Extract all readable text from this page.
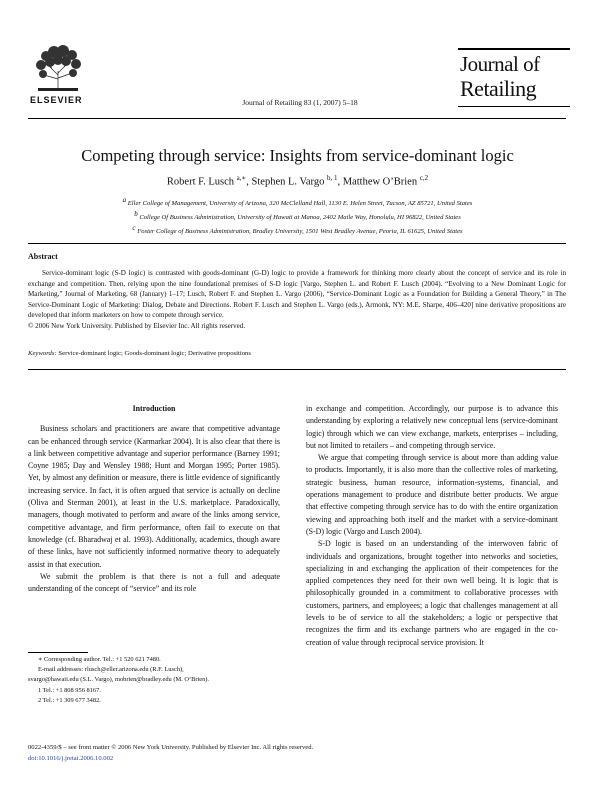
ELSEVIER	Journal of Retailing 83 (1, 2007) 5–18
Journal of
Retailing
Competing through service: Insights from service-dominant logic
Robert F. Lusch $^{a,∗}$, Stephen L. Vargo $^{b, 1}$, Matthew O’Brien $^{c,2}$
$^a$ Eller College of Management, University of Arizona, 320 McClelland Hall, 1130 E. Helen Street, Tucson, AZ 85721, United States
$^b$ College Of Business Administration, University of Hawaii at Manoa, 2402 Maile Way, Honolulu, HI 96822, United States
$^c$ Foster College of Business Administration, Bradley University, 1501 West Bradley Avenue, Peoria, IL 61625, United States
Abstract
Service-dominant logic (S-D logic) is contrasted with goods-dominant (G-D) logic to provide a framework for thinking more clearly about the concept of service and its role in exchange and competition. Then, relying upon the nine foundational premises of S-D logic [Vargo, Stephen L. and Robert F. Lusch (2004). “Evolving to a New Dominant Logic for Marketing,” Journal of Marketing, 68 (January) 1–17; Lusch, Robert F. and Stephen L. Vargo (2006), “Service-Dominant Logic as a Foundation for Building a General Theory,” in The Service-Dominant Logic of Marketing: Dialog, Debate and Directions. Robert F. Lusch and Stephen L. Vargo (eds.), Armonk, NY: M.E. Sharpe, 406–420] nine derivative propositions are developed that inform marketers on how to compete through service.
© 2006 New York University. Published by Elsevier Inc. All rights reserved.
Keywords: Service-dominant logic; Goods-dominant logic; Derivative propositions

Introduction

Business scholars and practitioners are aware that competitive advantage can be enhanced through service (Karmarkar 2004). It is also clear that there is a link between competitive advantage and superior performance (Barney 1991; Coyne 1985; Day and Wensley 1988; Hunt and Morgan 1995; Porter 1985). Yet, by almost any definition or measure, there is little evidence of significantly increasing service. In fact, it is often argued that service is actually on decline (Oliva and Sterman 2001), at least in the U.S. marketplace. Paradoxically, managers, though motivated to perform and aware of the links among service, competitive advantage, and firm performance, often fail to execute on that knowledge (cf. Bharadwaj et al. 1993). Additionally, academics, though aware of these links, have not sufficiently informed normative theory to adequately assist in that execution.

We submit the problem is that there is not a full and adequate understanding of the concept of “service” and its role

in exchange and competition. Accordingly, our purpose is to advance this understanding by exploring a relatively new conceptual lens (service-dominant logic) through which we can view exchange, markets, enterprises – including, but not limited to retailers – and competing through service.

We argue that competing through service is about more than adding value to products. Importantly, it is also more than the collective roles of marketing, strategic business, human resource, information-systems, financial, and operations management to produce and distribute better products. We argue that effective competing through service has to do with the entire organization viewing and approaching both itself and the market with a service-dominant (S-D) logic (Vargo and Lusch 2004).

S-D logic is based on an understanding of the interwoven fabric of individuals and organizations, brought together into networks and societies, specializing in and exchanging the application of their competences for the applied competences they need for their own well being. It is logic that is philosophically grounded in a commitment to collaborative processes with customers, partners, and employees; a logic that challenges management at all levels to be of service to all the stakeholders; a logic or perspective that recognizes the firm and its exchange partners who are engaged in the co-creation of value through reciprocal service provision. It

∗ Corresponding author. Tel.: +1 520 621 7480.

E-mail addresses: rlusch@eller.arizona.edu (R.F. Lusch),

svargo@hawaii.edu (S.L. Vargo), mobrien@bradley.edu (M. O’Brien).

1 Tel.: +1 808 956 8167.

2 Tel.: +1 309 677 3482.

0022-4359/$ – see front matter © 2006 New York University. Published by Elsevier Inc. All rights reserved.
doi:10.1016/j.jretai.2006.10.002
